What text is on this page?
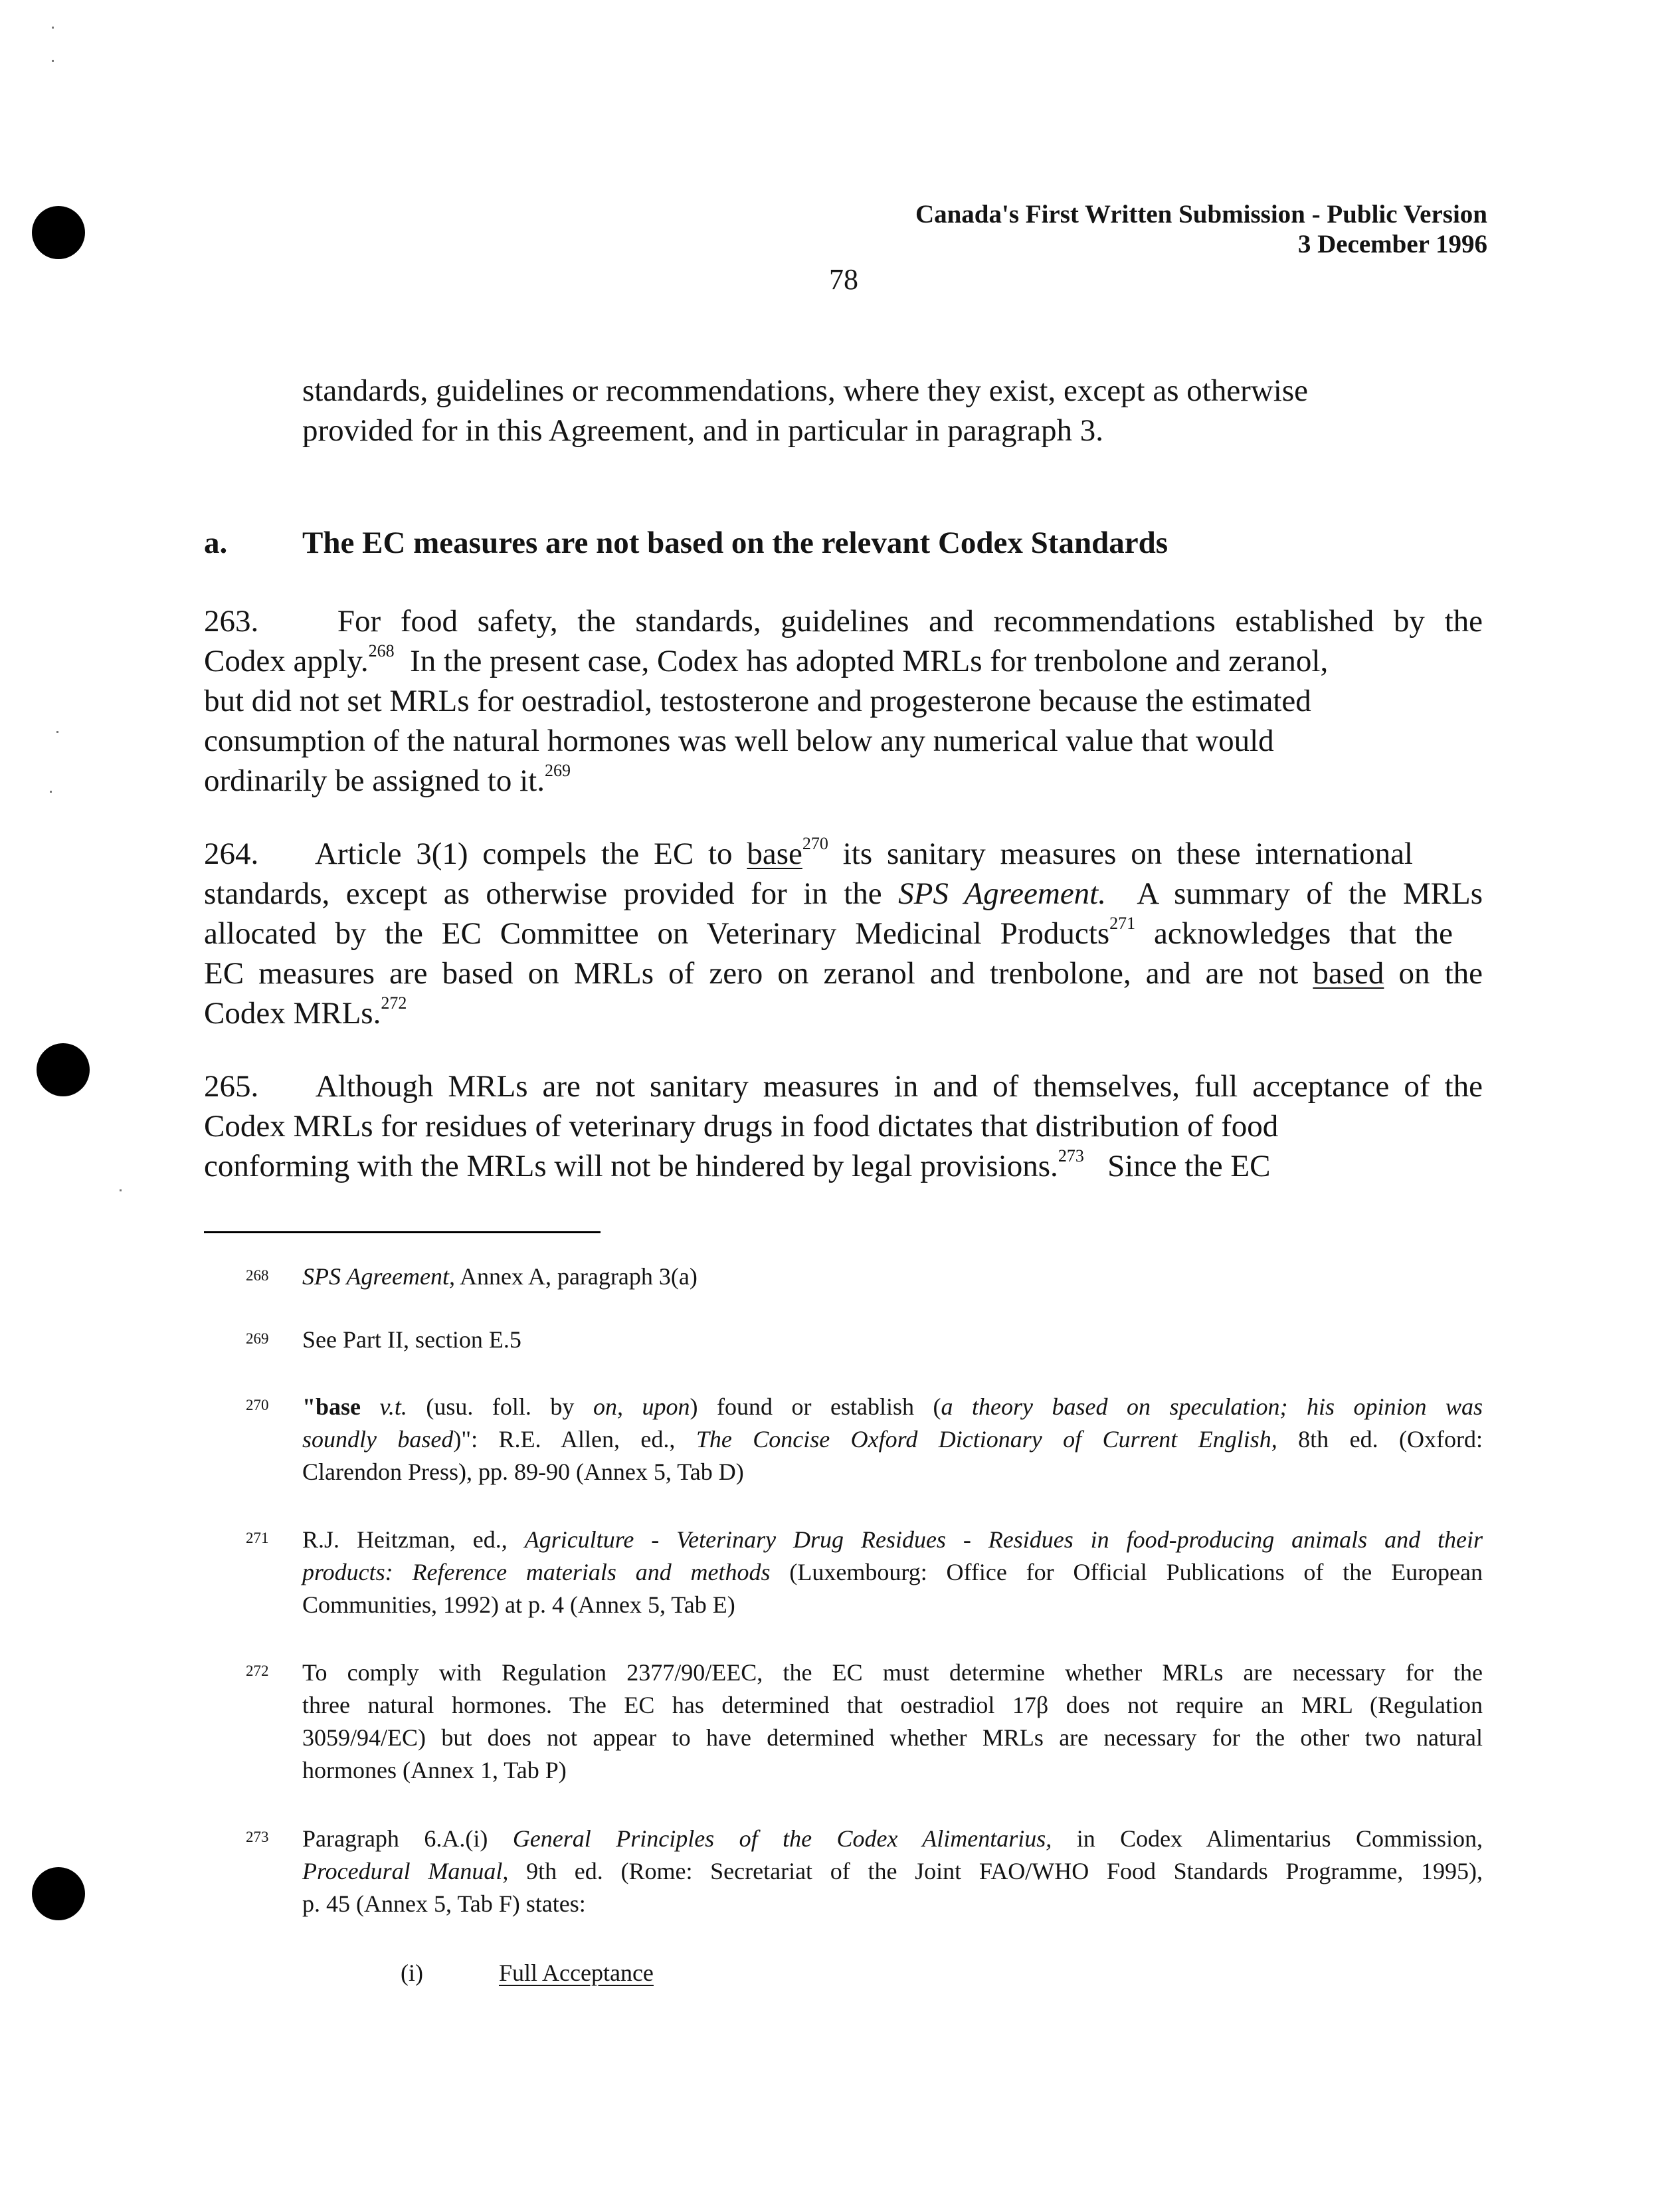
Canada's First Written Submission - Public Version
3 December 1996
78
standards, guidelines or recommendations, where they exist, except as otherwise
provided for in this Agreement, and in particular in paragraph 3.
a. The EC measures are not based on the relevant Codex Standards
263.	For food safety, the standards, guidelines and recommendations established by the
Codex apply.$^{268}$ In the present case, Codex has adopted MRLs for trenbolone and zeranol,
but did not set MRLs for oestradiol, testosterone and progesterone because the estimated
consumption of the natural hormones was well below any numerical value that would
ordinarily be assigned to it.$^{269}$
264. Article 3(1) compels the EC to base$^{270}$ its sanitary measures on these international
standards, except as otherwise provided for in the SPS Agreement. A summary of the MRLs
allocated by the EC Committee on Veterinary Medicinal Products$^{271}$ acknowledges that the
EC measures are based on MRLs of zero on zeranol and trenbolone, and are not based on the
Codex MRLs.$^{272}$
265. Although MRLs are not sanitary measures in and of themselves, full acceptance of the
Codex MRLs for residues of veterinary drugs in food dictates that distribution of food
conforming with the MRLs will not be hindered by legal provisions.$^{273}$ Since the EC
268 SPS Agreement, Annex A, paragraph 3(a)
269 See Part II, section E.5
270 "base v.t. (usu. foll. by on, upon) found or establish (a theory based on speculation; his opinion was
soundly based)": R.E. Allen, ed., The Concise Oxford Dictionary of Current English, 8th ed. (Oxford:
Clarendon Press), pp. 89-90 (Annex 5, Tab D)
271 R.J. Heitzman, ed., Agriculture - Veterinary Drug Residues - Residues in food-producing animals and their
products: Reference materials and methods (Luxembourg: Office for Official Publications of the European
Communities, 1992) at p. 4 (Annex 5, Tab E)
272 To comply with Regulation 2377/90/EEC, the EC must determine whether MRLs are necessary for the
three natural hormones. The EC has determined that oestradiol 17β does not require an MRL (Regulation
3059/94/EC) but does not appear to have determined whether MRLs are necessary for the other two natural
hormones (Annex 1, Tab P)
273 Paragraph 6.A.(i) General Principles of the Codex Alimentarius, in Codex Alimentarius Commission,
Procedural Manual, 9th ed. (Rome: Secretariat of the Joint FAO/WHO Food Standards Programme, 1995),
p. 45 (Annex 5, Tab F) states:
(i)	Full Acceptance
